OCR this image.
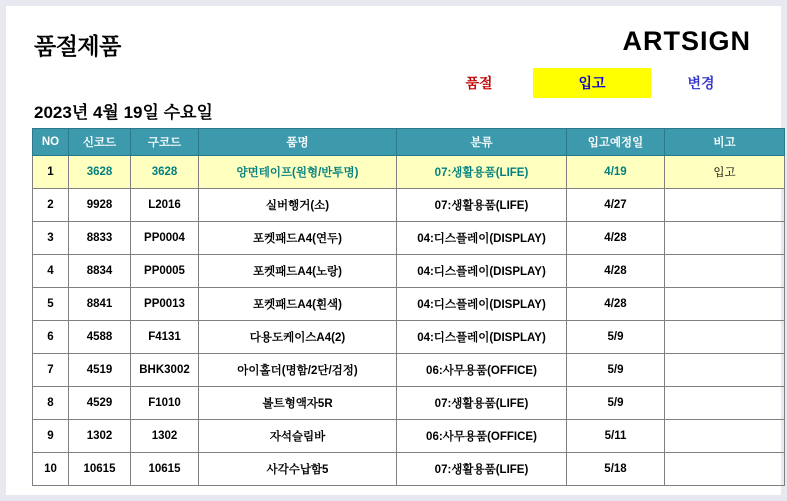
품절제품	ARTSIGN
품절	입고	변경
2023년 4월 19일 수요일
NO	신코드	구코드	품명	분류	입고예정일	비고
1	3628	3628	양면테이프(원형/반투명)	07:생활용품(LIFE)	4/19	입고
2	9928	L2016	실버행거(소)	07:생활용품(LIFE)	4/27	
3	8833	PP0004	포켓패드A4(연두)	04:디스플레이(DISPLAY)	4/28	
4	8834	PP0005	포켓패드A4(노랑)	04:디스플레이(DISPLAY)	4/28	
5	8841	PP0013	포켓패드A4(흰색)	04:디스플레이(DISPLAY)	4/28	
6	4588	F4131	다용도케이스A4(2)	04:디스플레이(DISPLAY)	5/9	
7	4519	BHK3002	아이홀더(명함/2단/검정)	06:사무용품(OFFICE)	5/9	
8	4529	F1010	볼트형액자5R	07:생활용품(LIFE)	5/9	
9	1302	1302	자석슬림바	06:사무용품(OFFICE)	5/11	
10	10615	10615	사각수납함5	07:생활용품(LIFE)	5/18	
